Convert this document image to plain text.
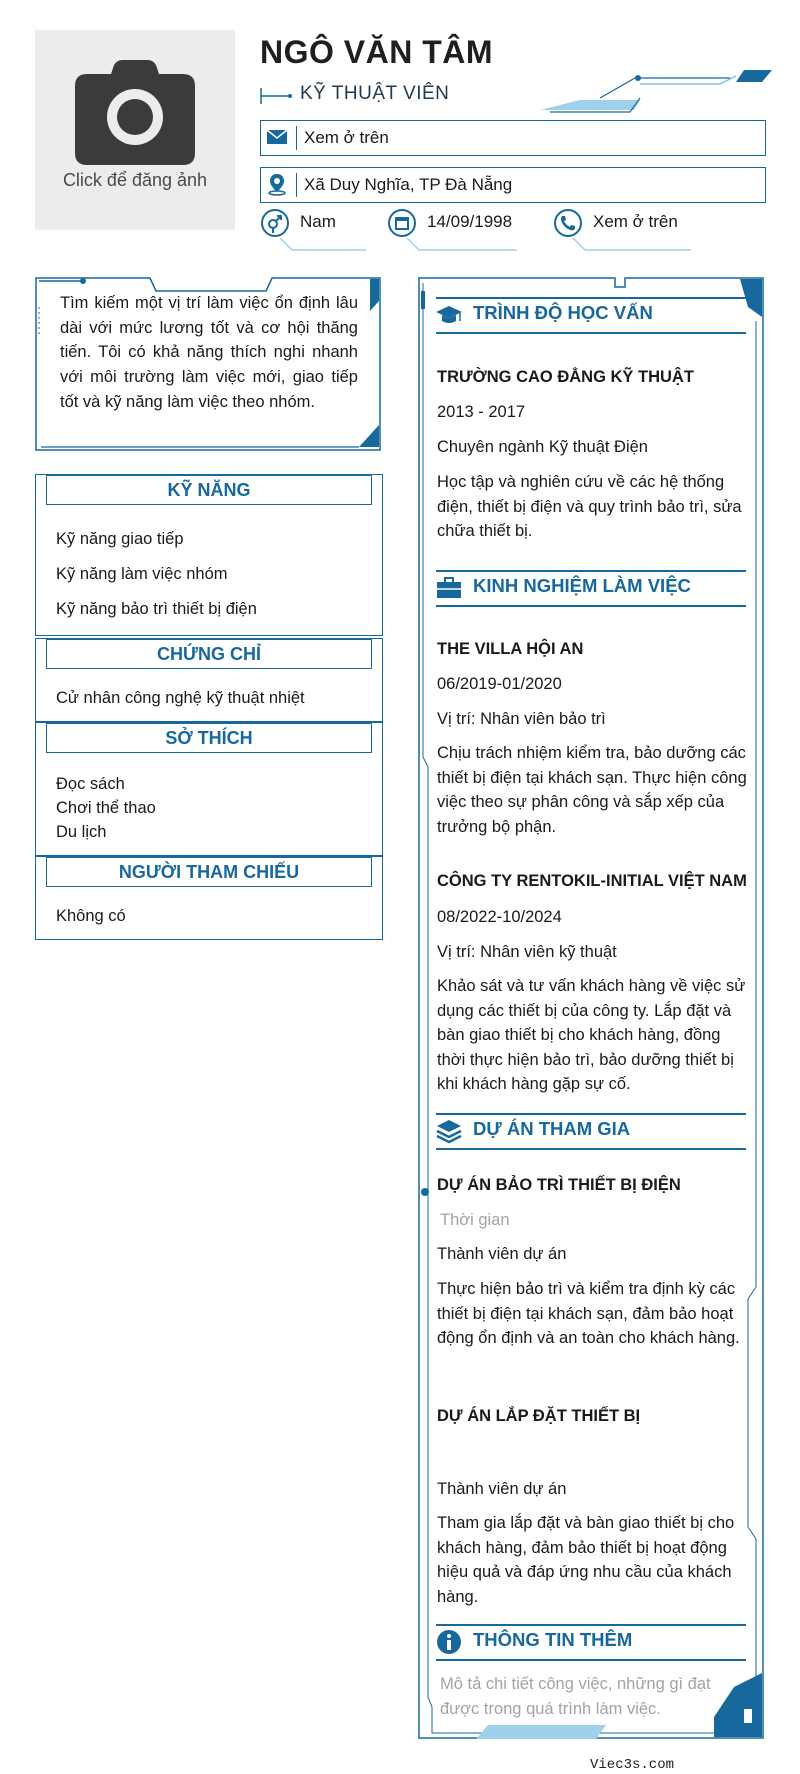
Click để đăng ảnh
NGÔ VĂN TÂM
KỸ THUẬT VIÊN
Xem ở trên
Xã Duy Nghĩa, TP Đà Nẵng
Nam	14/09/1998	Xem ở trên
Tìm kiếm một vị trí làm việc ổn định lâu dài với mức lương tốt và cơ hội thăng tiến. Tôi có khả năng thích nghi nhanh với môi trường làm việc mới, giao tiếp tốt và kỹ năng làm việc theo nhóm.
KỸ NĂNG
Kỹ năng giao tiếp
Kỹ năng làm việc nhóm
Kỹ năng bảo trì thiết bị điện
CHỨNG CHỈ
Cử nhân công nghệ kỹ thuật nhiệt
SỞ THÍCH
Đọc sách
Chơi thể thao
Du lịch
NGƯỜI THAM CHIẾU
Không có
TRÌNH ĐỘ HỌC VẤN
TRƯỜNG CAO ĐẲNG KỸ THUẬT
2013 - 2017
Chuyên ngành Kỹ thuật Điện
Học tập và nghiên cứu về các hệ thống điện, thiết bị điện và quy trình bảo trì, sửa chữa thiết bị.
KINH NGHIỆM LÀM VIỆC
THE VILLA HỘI AN
06/2019-01/2020
Vị trí: Nhân viên bảo trì
Chịu trách nhiệm kiểm tra, bảo dưỡng các thiết bị điện tại khách sạn. Thực hiện công việc theo sự phân công và sắp xếp của trưởng bộ phận.
CÔNG TY RENTOKIL-INITIAL VIỆT NAM
08/2022-10/2024
Vị trí: Nhân viên kỹ thuật
Khảo sát và tư vấn khách hàng về việc sử dụng các thiết bị của công ty. Lắp đặt và bàn giao thiết bị cho khách hàng, đồng thời thực hiện bảo trì, bảo dưỡng thiết bị khi khách hàng gặp sự cố.
DỰ ÁN THAM GIA
DỰ ÁN BẢO TRÌ THIẾT BỊ ĐIỆN
Thời gian
Thành viên dự án
Thực hiện bảo trì và kiểm tra định kỳ các thiết bị điện tại khách sạn, đảm bảo hoạt động ổn định và an toàn cho khách hàng.
DỰ ÁN LẮP ĐẶT THIẾT BỊ
Thành viên dự án
Tham gia lắp đặt và bàn giao thiết bị cho khách hàng, đảm bảo thiết bị hoạt động hiệu quả và đáp ứng nhu cầu của khách hàng.
THÔNG TIN THÊM
Mô tả chi tiết công việc, những gì đạt được trong quá trình làm việc.
Viec3s.com
